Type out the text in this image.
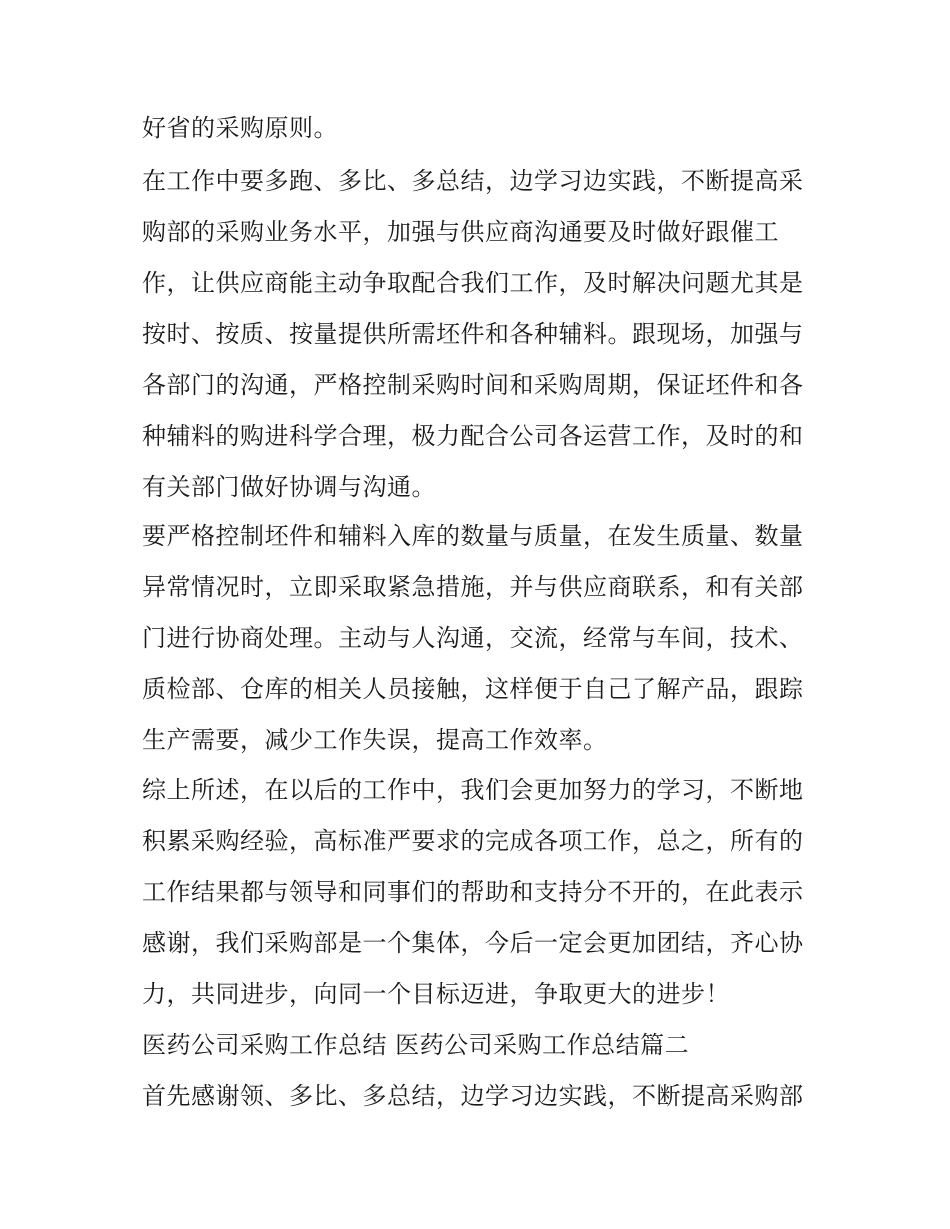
好省的采购原则。
在工作中要多跑、多比、多总结，边学习边实践，不断提高采
购部的采购业务水平，加强与供应商沟通要及时做好跟催工
作，让供应商能主动争取配合我们工作，及时解决问题尤其是
按时、按质、按量提供所需坯件和各种辅料。跟现场，加强与
各部门的沟通，严格控制采购时间和采购周期，保证坯件和各
种辅料的购进科学合理，极力配合公司各运营工作，及时的和
有关部门做好协调与沟通。
要严格控制坯件和辅料入库的数量与质量，在发生质量、数量
异常情况时，立即采取紧急措施，并与供应商联系，和有关部
门进行协商处理。主动与人沟通，交流，经常与车间，技术、
质检部、仓库的相关人员接触，这样便于自己了解产品，跟踪
生产需要，减少工作失误，提高工作效率。
综上所述，在以后的工作中，我们会更加努力的学习，不断地
积累采购经验，高标准严要求的完成各项工作，总之，所有的
工作结果都与领导和同事们的帮助和支持分不开的，在此表示
感谢，我们采购部是一个集体，今后一定会更加团结，齐心协
力，共同进步，向同一个目标迈进，争取更大的进步！
医药公司采购工作总结 医药公司采购工作总结篇二
首先感谢领、多比、多总结，边学习边实践，不断提高采购部
